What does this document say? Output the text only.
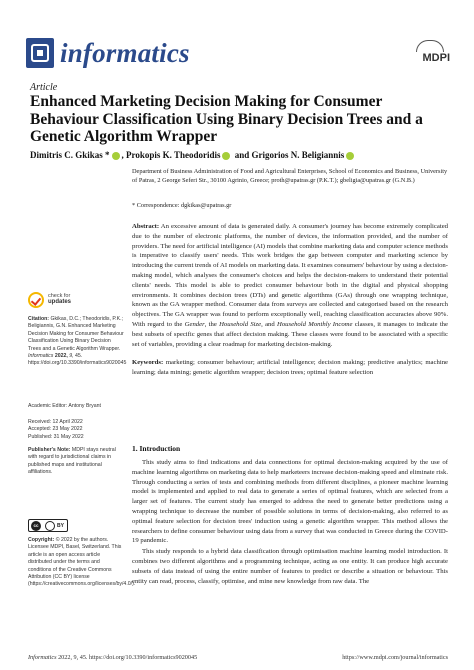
informatics	MDPI
Article
Enhanced Marketing Decision Making for Consumer Behaviour Classification Using Binary Decision Trees and a Genetic Algorithm Wrapper
Dimitris C. Gkikas * , Prokopis K. Theodoridis and Grigorios N. Beligiannis
Department of Business Administration of Food and Agricultural Enterprises, School of Economics and Business, University of Patras, 2 George Seferi Str., 30100 Agrinio, Greece; proth@upatras.gr (P.K.T.); gbeligia@upatras.gr (G.N.B.)
* Correspondence: dgkikas@upatras.gr
Abstract: An excessive amount of data is generated daily. A consumer's journey has become extremely complicated due to the number of electronic platforms, the number of devices, the information provided, and the number of providers. The need for artificial intelligence (AI) models that combine marketing data and computer science methods is imperative to classify users' needs. This work bridges the gap between computer and marketing science by introducing the current trends of AI models on marketing data. It examines consumers' behaviour by using a decision-making model, which analyses the consumer's choices and helps the decision-makers to understand their potential clients' needs. This model is able to predict consumer behaviour both in the digital and physical shopping environments. It combines decision trees (DTs) and genetic algorithms (GAs) through one wrapping technique, known as the GA wrapper method. Consumer data from surveys are collected and categorised based on the research objectives. The GA wrapper was found to perform exceptionally well, reaching classification accuracies above 90%. With regard to the Gender, the Household Size, and Household Monthly Income classes, it manages to indicate the best subsets of specific genes that affect decision making. These classes were found to be associated with a specific set of variables, providing a clear roadmap for marketing decision-making.
Keywords: marketing; consumer behaviour; artificial intelligence; decision making; predictive analytics; machine learning; data mining; genetic algorithm wrapper; decision trees; optimal feature selection
check for
updates
Citation: Gkikas, D.C.; Theodoridis, P.K.; Beligiannis, G.N. Enhanced Marketing Decision Making for Consumer Behaviour Classification Using Binary Decision Trees and a Genetic Algorithm Wrapper. Informatics 2022, 9, 45. https://doi.org/10.3390/informatics9020045
Academic Editor: Antony Bryant
Received: 12 April 2022
Accepted: 23 May 2022
Published: 31 May 2022
Publisher's Note: MDPI stays neutral with regard to jurisdictional claims in published maps and institutional affiliations.
cc	BY
Copyright: © 2022 by the authors. Licensee MDPI, Basel, Switzerland. This article is an open access article distributed under the terms and conditions of the Creative Commons Attribution (CC BY) license (https://creativecommons.org/licenses/by/4.0/).
1. Introduction

This study aims to find indications and data connections for optimal decision-making acquired by the use of machine learning algorithms on marketing data to help marketeers increase decision-making speed and eliminate risk. Through conducting a series of tests and combining methods from different disciplines, a pioneer machine learning model is implemented and applied to real data to generate a series of optimal features, which are selected from a larger set of features. The current study has emerged to address the need to generate better predictions using a wrapping technique to decrease the number of possible solutions in terms of decision-making, also referred to as optimal feature selection for decision trees' induction using a genetic algorithm wrapper. This method allows the researchers to define consumer behaviour using data from a survey that was conducted in Greece during the COVID-19 pandemic.

This study responds to a hybrid data classification through optimisation machine learning model introduction. It combines two different algorithms and a programming technique, acting as one entity. It can produce high accurate subsets of data instead of using the entire number of features to predict or describe a situation or behaviour. This entity can read, process, classify, optimise, and mine new knowledge from raw data. The

Informatics 2022, 9, 45. https://doi.org/10.3390/informatics9020045	https://www.mdpi.com/journal/informatics
